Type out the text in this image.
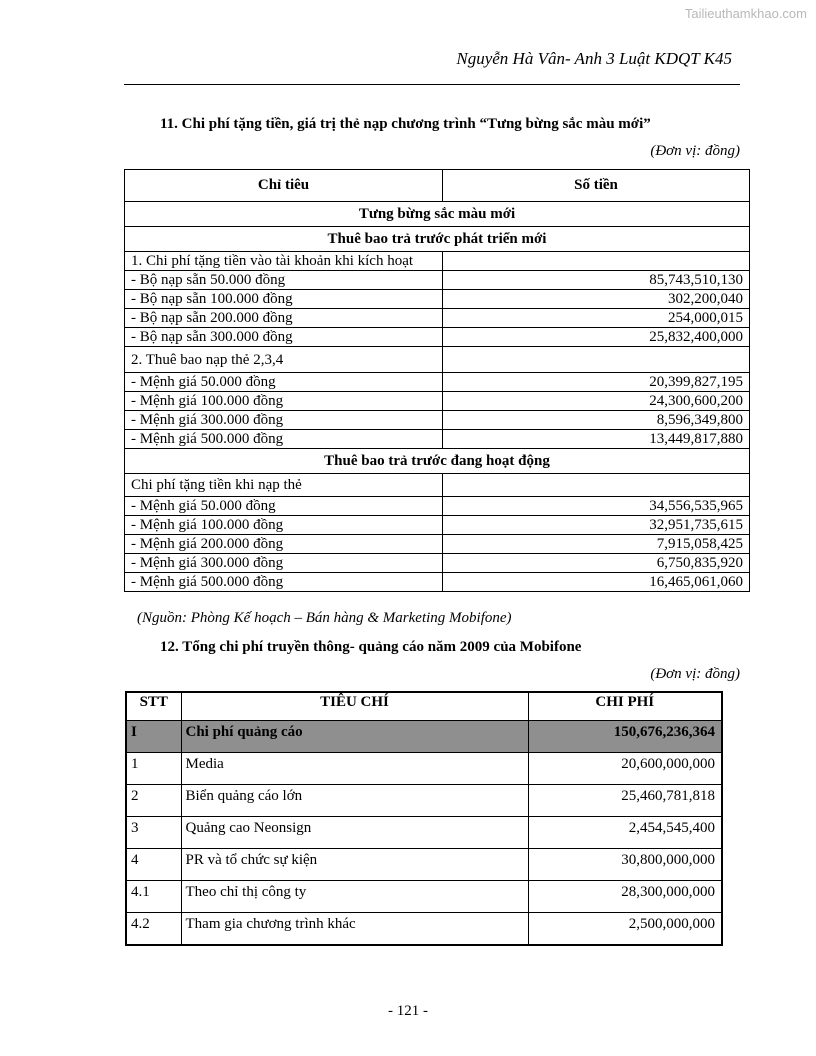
Tailieuthamkhao.com
Nguyễn Hà Vân- Anh 3 Luật KDQT K45
11. Chi phí tặng tiền, giá trị thẻ nạp chương trình “Tưng bừng sắc màu mới”
(Đơn vị: đồng)
Chỉ tiêu	Số tiền
Tưng bừng sắc màu mới	
Thuê bao trả trước phát triển mới	
1. Chi phí tặng tiền vào tài khoản khi kích hoạt	
- Bộ nạp sẵn 50.000 đồng	85,743,510,130
- Bộ nạp sẵn 100.000 đồng	302,200,040
- Bộ nạp sẵn 200.000 đồng	254,000,015
- Bộ nạp sẵn 300.000 đồng	25,832,400,000
2. Thuê bao nạp thẻ 2,3,4	
- Mệnh giá 50.000 đồng	20,399,827,195
- Mệnh giá 100.000 đồng	24,300,600,200
- Mệnh giá 300.000 đồng	8,596,349,800
- Mệnh giá 500.000 đồng	13,449,817,880
Thuê bao trả trước đang hoạt động	
Chi phí tặng tiền khi nạp thẻ	
- Mệnh giá 50.000 đồng	34,556,535,965
- Mệnh giá 100.000 đồng	32,951,735,615
- Mệnh giá 200.000 đồng	7,915,058,425
- Mệnh giá 300.000 đồng	6,750,835,920
- Mệnh giá 500.000 đồng	16,465,061,060
(Nguồn: Phòng Kế hoạch – Bán hàng & Marketing Mobifone)
12. Tổng chi phí truyền thông- quảng cáo năm 2009 của Mobifone
(Đơn vị: đồng)
STT	TIÊU CHÍ	CHI PHÍ
I	Chi phí quảng cáo	150,676,236,364
1	Media	20,600,000,000
2	Biển quảng cáo lớn	25,460,781,818
3	Quảng cao Neonsign	2,454,545,400
4	PR và tổ chức sự kiện	30,800,000,000
4.1	Theo chỉ thị công ty	28,300,000,000
4.2	Tham gia chương trình khác	2,500,000,000
- 121 -
